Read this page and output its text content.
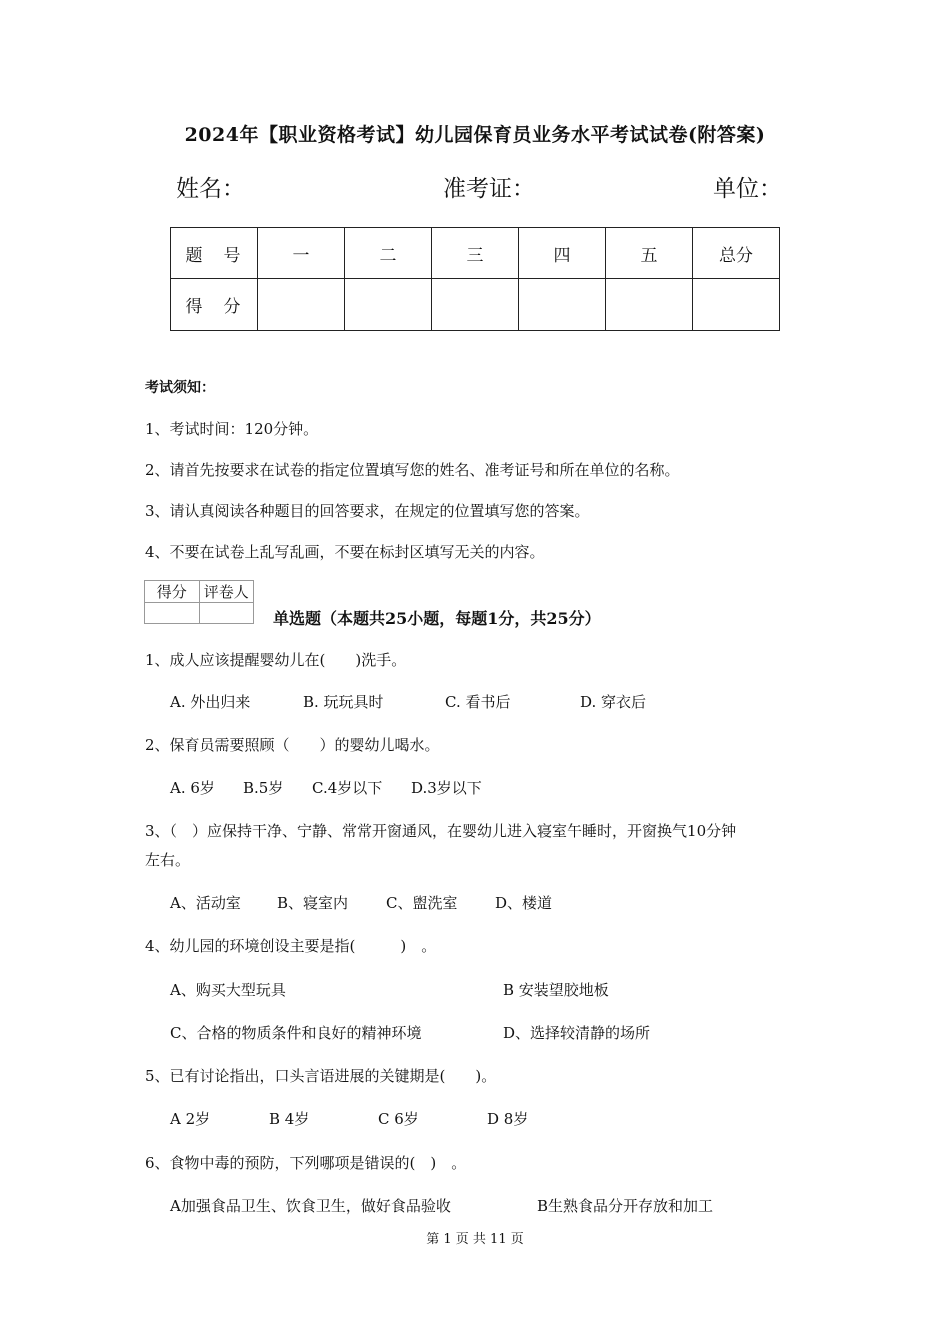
2024年【职业资格考试】幼儿园保育员业务水平考试试卷(附答案)
姓名：	准考证：	单位：
题　号	一	二	三	四	五	总分
得　分						
考试须知：
1、考试时间：120分钟。
2、请首先按要求在试卷的指定位置填写您的姓名、准考证号和所在单位的名称。
3、请认真阅读各种题目的回答要求，在规定的位置填写您的答案。
4、不要在试卷上乱写乱画，不要在标封区填写无关的内容。
得分	评卷人

单选题（本题共25小题，每题1分，共25分）
1、成人应该提醒婴幼儿在(　　)洗手。
A. 外出归来	B. 玩玩具时	C. 看书后	D. 穿衣后
2、保育员需要照顾（　　）的婴幼儿喝水。
A. 6岁 B.5岁 C.4岁以下 D.3岁以下
3、（　）应保持干净、宁静、常常开窗通风，在婴幼儿进入寝室午睡时，开窗换气10分钟
左右。
A、活动室 B、寝室内	C、盥洗室	D、楼道
4、幼儿园的环境创设主要是指(　　　)　。
A、购买大型玩具	B 安装望胶地板
C、合格的物质条件和良好的精神环境	D、选择较清静的场所
5、已有讨论指出，口头言语进展的关键期是(　　)。
A 2岁	B 4岁	C 6岁	D 8岁
6、食物中毒的预防，下列哪项是错误的(　)　。
A加强食品卫生、饮食卫生，做好食品验收	B生熟食品分开存放和加工
第 1 页 共 11 页
